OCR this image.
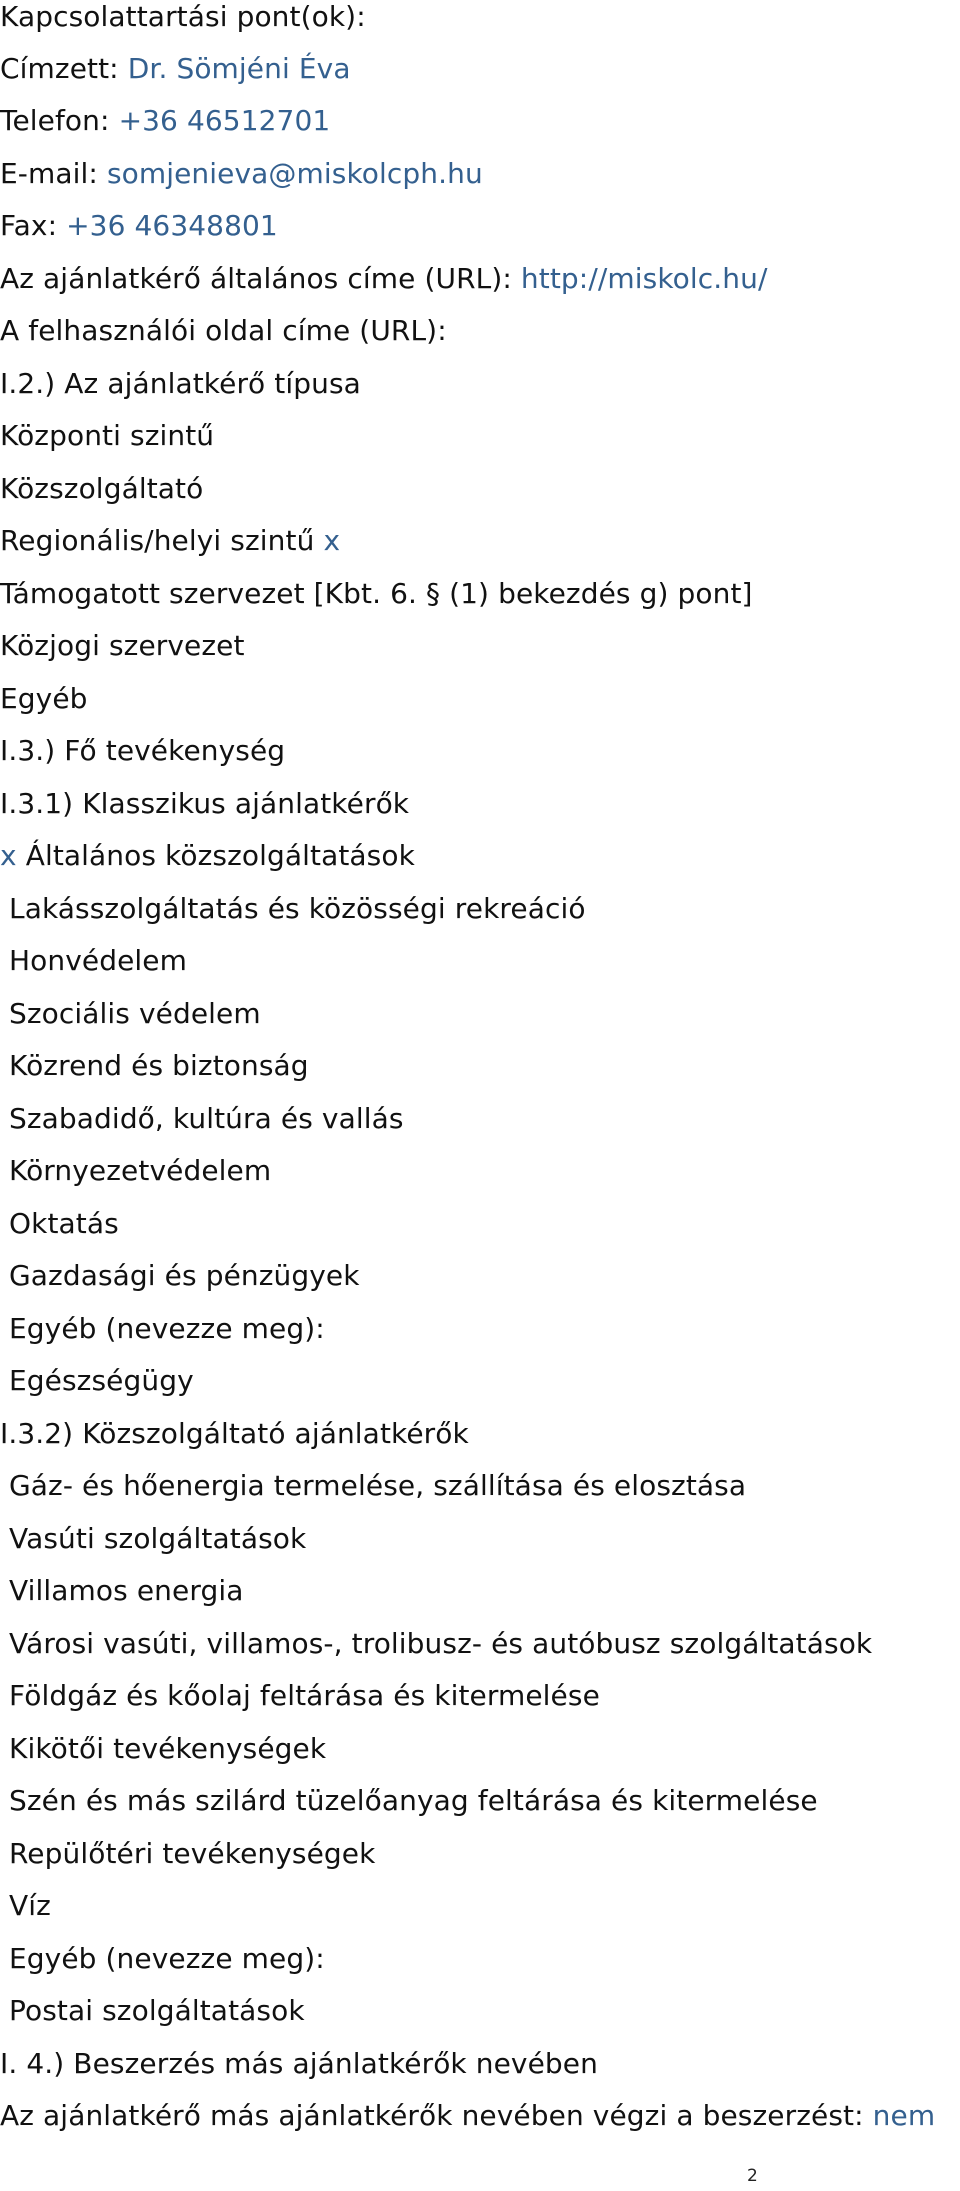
Kapcsolattartási pont(ok):
Címzett: Dr. Sömjéni Éva
Telefon: +36 46512701
E-mail: somjenieva@miskolcph.hu
Fax: +36 46348801
Az ajánlatkérő általános címe (URL): http://miskolc.hu/
A felhasználói oldal címe (URL):
I.2.) Az ajánlatkérő típusa
Központi szintű
Közszolgáltató
Regionális/helyi szintű x
Támogatott szervezet [Kbt. 6. § (1) bekezdés g) pont]
Közjogi szervezet
Egyéb
I.3.) Fő tevékenység
I.3.1) Klasszikus ajánlatkérők
x Általános közszolgáltatások
Lakásszolgáltatás és közösségi rekreáció
Honvédelem
Szociális védelem
Közrend és biztonság
Szabadidő, kultúra és vallás
Környezetvédelem
Oktatás
Gazdasági és pénzügyek
Egyéb (nevezze meg):
Egészségügy
I.3.2) Közszolgáltató ajánlatkérők
Gáz- és hőenergia termelése, szállítása és elosztása
Vasúti szolgáltatások
Villamos energia
Városi vasúti, villamos-, trolibusz- és autóbusz szolgáltatások
Földgáz és kőolaj feltárása és kitermelése
Kikötői tevékenységek
Szén és más szilárd tüzelőanyag feltárása és kitermelése
Repülőtéri tevékenységek
Víz
Egyéb (nevezze meg):
Postai szolgáltatások
I. 4.) Beszerzés más ajánlatkérők nevében
Az ajánlatkérő más ajánlatkérők nevében végzi a beszerzést: nem
2
